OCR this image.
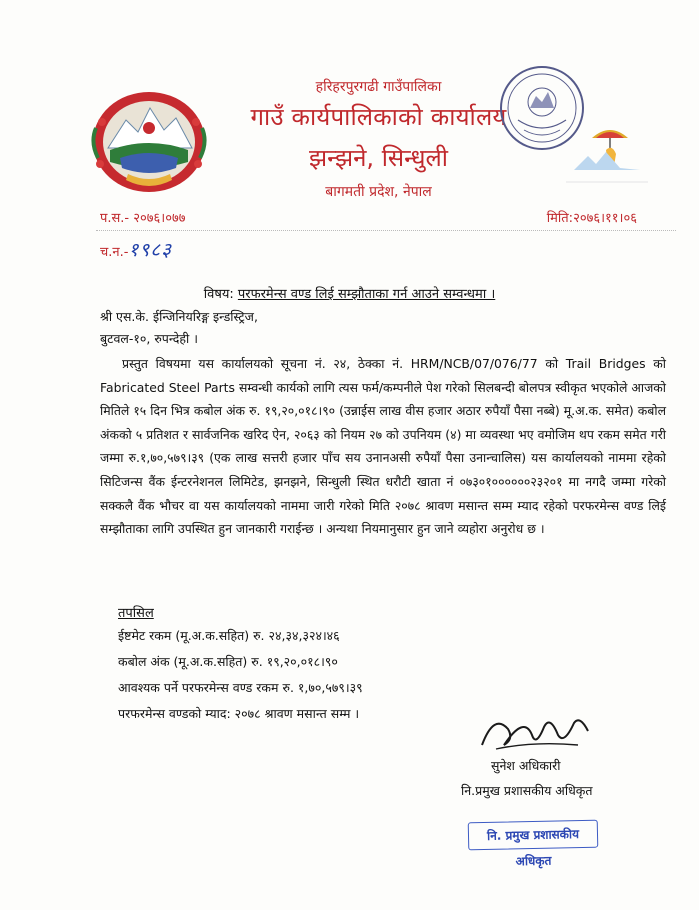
हरिहरपुरगढी गाउँपालिका
गाउँ कार्यपालिकाको कार्यालय
झन्झने, सिन्धुली
बागमती प्रदेश, नेपाल
प.स.- २०७६।०७७	मिति:२०७६।११।०६
च.न.-१९८३
विषय: परफरमेन्स वण्ड लिई सम्झौताका गर्न आउने सम्वन्धमा ।
श्री एस.के. ईन्जिनियरिङ्ग इन्डस्ट्रिज,
बुटवल-१०, रुपन्देही ।
प्रस्तुत विषयमा यस कार्यालयको सूचना नं. २४, ठेक्का नं. HRM/NCB/07/076/77 को Trail Bridges को Fabricated Steel Parts सम्वन्धी कार्यको लागि त्यस फर्म/कम्पनीले पेश गरेको सिलबन्दी बोलपत्र स्वीकृत भएकोले आजको मितिले १५ दिन भित्र कबोल अंक रु. १९,२०,०१८।९० (उन्नाईस लाख वीस हजार अठार रुपैयाँ पैसा नब्बे) मू.अ.क. समेत) कबोल अंकको ५ प्रतिशत र सार्वजनिक खरिद ऐन, २०६३ को नियम २७ को उपनियम (४) मा व्यवस्था भए वमोजिम थप रकम समेत गरी जम्मा रु.१,७०,५७९।३९ (एक लाख सत्तरी हजार पाँच सय उनानअसी रुपैयाँ पैसा उनान्चालिस) यस कार्यालयको नाममा रहेको सिटिजन्स वैंक ईन्टरनेशनल लिमिटेड, झनझने, सिन्धुली स्थित धरौटी खाता नं ०७३०१००००००२३२०१ मा नगदै जम्मा गरेको सक्कलै वैंक भौचर वा यस कार्यालयको नाममा जारी गरेको मिति २०७८ श्रावण मसान्त सम्म म्याद रहेको परफरमेन्स वण्ड लिई सम्झौताका लागि उपस्थित हुन जानकारी गराईन्छ । अन्यथा नियमानुसार हुन जाने व्यहोरा अनुरोध छ ।
तपसिल
ईष्टमेट रकम (मू.अ.क.सहित) रु. २४,३४,३२४।४६
कबोल अंक (मू.अ.क.सहित) रु. १९,२०,०१८।९०
आवश्यक पर्ने परफरमेन्स वण्ड रकम रु. १,७०,५७९।३९
परफरमेन्स वण्डको म्याद: २०७८ श्रावण मसान्त सम्म ।
सुनेश अधिकारी
नि.प्रमुख प्रशासकीय अधिकृत
नि. प्रमुख प्रशासकीय अधिकृत
